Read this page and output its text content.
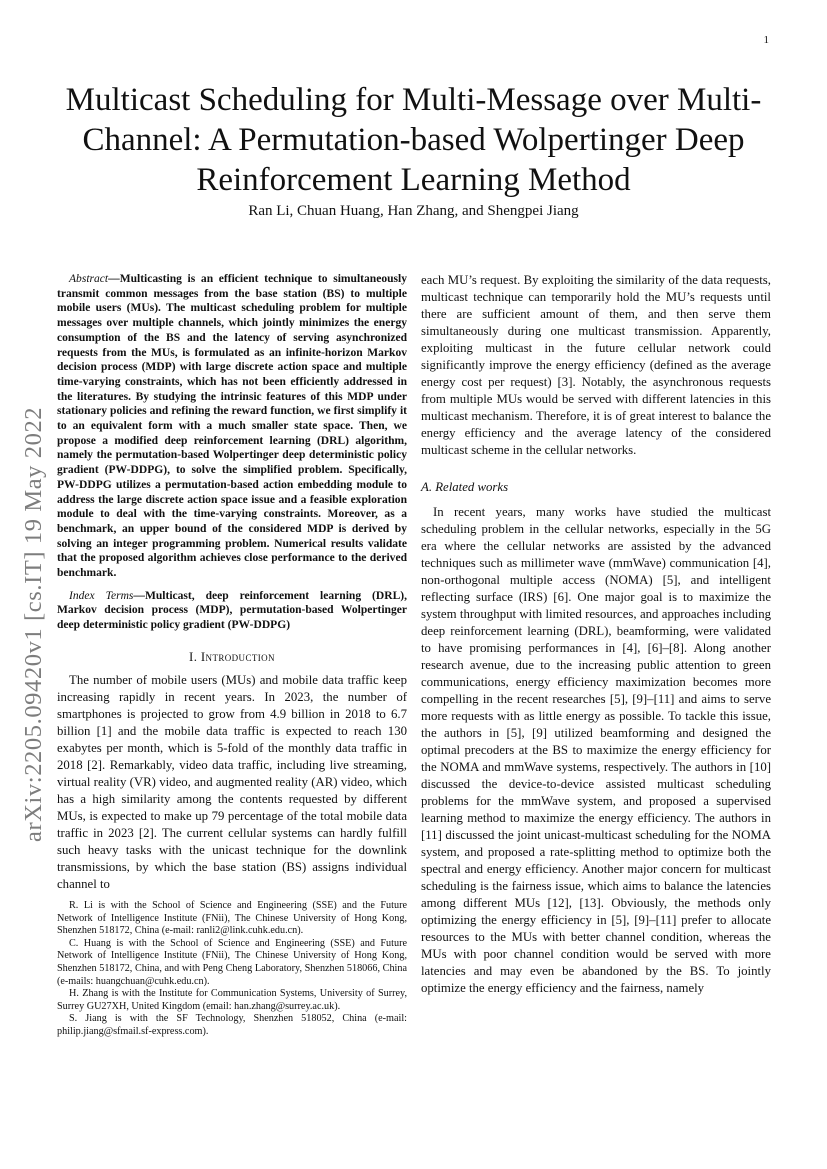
1
Multicast Scheduling for Multi-Message over Multi-Channel: A Permutation-based Wolpertinger Deep Reinforcement Learning Method
Ran Li, Chuan Huang, Han Zhang, and Shengpei Jiang
arXiv:2205.09420v1 [cs.IT] 19 May 2022

Abstract—Multicasting is an efficient technique to simultaneously transmit common messages from the base station (BS) to multiple mobile users (MUs). The multicast scheduling problem for multiple messages over multiple channels, which jointly minimizes the energy consumption of the BS and the latency of serving asynchronized requests from the MUs, is formulated as an infinite-horizon Markov decision process (MDP) with large discrete action space and multiple time-varying constraints, which has not been efficiently addressed in the literatures. By studying the intrinsic features of this MDP under stationary policies and refining the reward function, we first simplify it to an equivalent form with a much smaller state space. Then, we propose a modified deep reinforcement learning (DRL) algorithm, namely the permutation-based Wolpertinger deep deterministic policy gradient (PW-DDPG), to solve the simplified problem. Specifically, PW-DDPG utilizes a permutation-based action embedding module to address the large discrete action space issue and a feasible exploration module to deal with the time-varying constraints. Moreover, as a benchmark, an upper bound of the considered MDP is derived by solving an integer programming problem. Numerical results validate that the proposed algorithm achieves close performance to the derived benchmark.

Index Terms—Multicast, deep reinforcement learning (DRL), Markov decision process (MDP), permutation-based Wolpertinger deep deterministic policy gradient (PW-DDPG)

I. Introduction

The number of mobile users (MUs) and mobile data traffic keep increasing rapidly in recent years. In 2023, the number of smartphones is projected to grow from 4.9 billion in 2018 to 6.7 billion [1] and the mobile data traffic is expected to reach 130 exabytes per month, which is 5-fold of the monthly data traffic in 2018 [2]. Remarkably, video data traffic, including live streaming, virtual reality (VR) video, and augmented reality (AR) video, which has a high similarity among the contents requested by different MUs, is expected to make up 79 percentage of the total mobile data traffic in 2023 [2]. The current cellular systems can hardly fulfill such heavy tasks with the unicast technique for the downlink transmissions, by which the base station (BS) assigns individual channel to

R. Li is with the School of Science and Engineering (SSE) and the Future Network of Intelligence Institute (FNii), The Chinese University of Hong Kong, Shenzhen 518172, China (e-mail: ranli2@link.cuhk.edu.cn).

C. Huang is with the School of Science and Engineering (SSE) and Future Network of Intelligence Institute (FNii), The Chinese University of Hong Kong, Shenzhen 518172, China, and with Peng Cheng Laboratory, Shenzhen 518066, China (e-mails: huangchuan@cuhk.edu.cn).

H. Zhang is with the Institute for Communication Systems, University of Surrey, Surrey GU27XH, United Kingdom (email: han.zhang@surrey.ac.uk).

S. Jiang is with the SF Technology, Shenzhen 518052, China (e-mail: philip.jiang@sfmail.sf-express.com).

each MU’s request. By exploiting the similarity of the data requests, multicast technique can temporarily hold the MU’s requests until there are sufficient amount of them, and then serve them simultaneously during one multicast transmission. Apparently, exploiting multicast in the future cellular network could significantly improve the energy efficiency (defined as the average energy cost per request) [3]. Notably, the asynchronous requests from multiple MUs would be served with different latencies in this multicast mechanism. Therefore, it is of great interest to balance the energy efficiency and the average latency of the considered multicast scheme in the cellular networks.

A. Related works

In recent years, many works have studied the multicast scheduling problem in the cellular networks, especially in the 5G era where the cellular networks are assisted by the advanced techniques such as millimeter wave (mmWave) communication [4], non-orthogonal multiple access (NOMA) [5], and intelligent reflecting surface (IRS) [6]. One major goal is to maximize the system throughput with limited resources, and approaches including deep reinforcement learning (DRL), beamforming, were validated to have promising performances in [4], [6]–[8]. Along another research avenue, due to the increasing public attention to green communications, energy efficiency maximization becomes more compelling in the recent researches [5], [9]–[11] and aims to serve more requests with as little energy as possible. To tackle this issue, the authors in [5], [9] utilized beamforming and designed the optimal precoders at the BS to maximize the energy efficiency for the NOMA and mmWave systems, respectively. The authors in [10] discussed the device-to-device assisted multicast scheduling problems for the mmWave system, and proposed a supervised learning method to maximize the energy efficiency. The authors in [11] discussed the joint unicast-multicast scheduling for the NOMA system, and proposed a rate-splitting method to optimize both the spectral and energy efficiency. Another major concern for multicast scheduling is the fairness issue, which aims to balance the latencies among different MUs [12], [13]. Obviously, the methods only optimizing the energy efficiency in [5], [9]–[11] prefer to allocate resources to the MUs with better channel condition, whereas the MUs with poor channel condition would be served with more latencies and may even be abandoned by the BS. To jointly optimize the energy efficiency and the fairness, namely
